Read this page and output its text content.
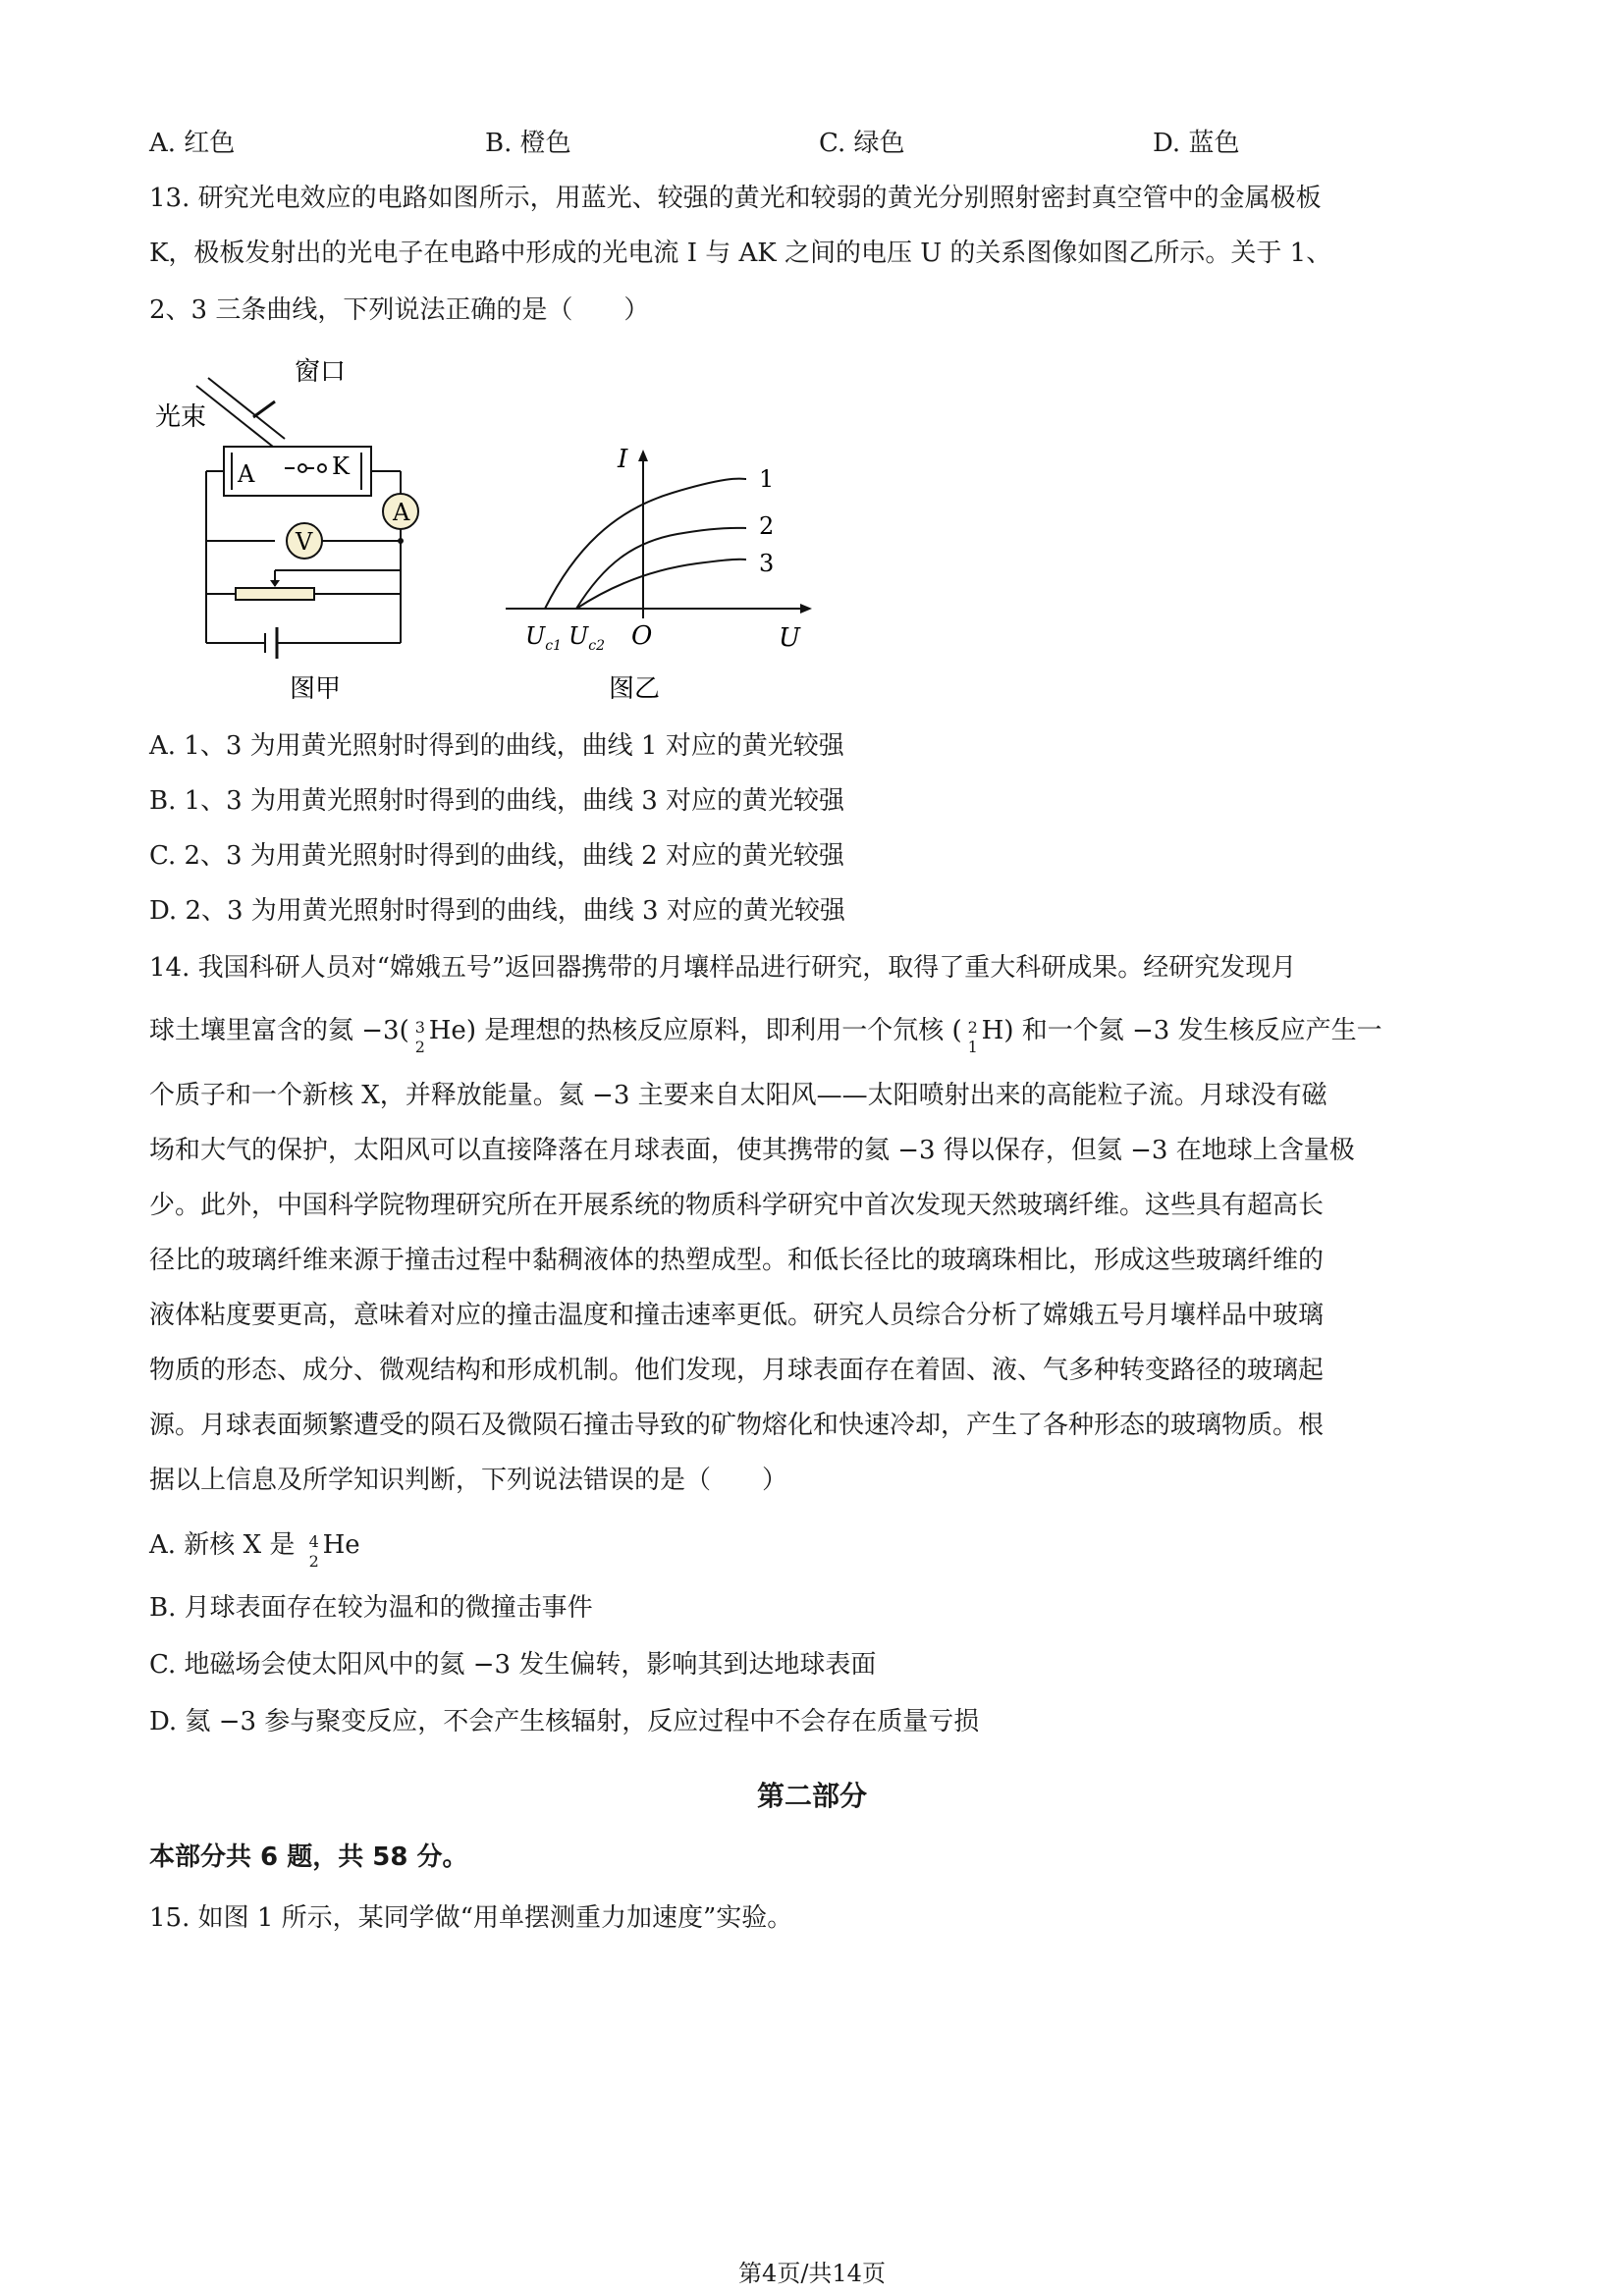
A. 红色	B. 橙色	C. 绿色	D. 蓝色
13. 研究光电效应的电路如图所示，用蓝光、较强的黄光和较弱的黄光分别照射密封真空管中的金属极板
K，极板发射出的光电子在电路中形成的光电流 I 与 AK 之间的电压 U 的关系图像如图乙所示。关于 1、
2、3 三条曲线，下列说法正确的是（　　）
窗口
光束
A	K
A
V
图甲
I
U
O
1
2
3
$U_{c1}$ $U_{c2}$
图乙
A. 1、3 为用黄光照射时得到的曲线，曲线 1 对应的黄光较强
B. 1、3 为用黄光照射时得到的曲线，曲线 3 对应的黄光较强
C. 2、3 为用黄光照射时得到的曲线，曲线 2 对应的黄光较强
D. 2、3 为用黄光照射时得到的曲线，曲线 3 对应的黄光较强
14. 我国科研人员对“嫦娥五号”返回器携带的月壤样品进行研究，取得了重大科研成果。经研究发现月
球土壤里富含的氦 −3( 3
2
He) 是理想的热核反应原料，即利用一个氘核 ( 2
1
H) 和一个氦 −3 发生核反应产生一
个质子和一个新核 X，并释放能量。氦 −3 主要来自太阳风——太阳喷射出来的高能粒子流。月球没有磁
场和大气的保护，太阳风可以直接降落在月球表面，使其携带的氦 −3 得以保存，但氦 −3 在地球上含量极
少。此外，中国科学院物理研究所在开展系统的物质科学研究中首次发现天然玻璃纤维。这些具有超高长
径比的玻璃纤维来源于撞击过程中黏稠液体的热塑成型。和低长径比的玻璃珠相比，形成这些玻璃纤维的
液体粘度要更高，意味着对应的撞击温度和撞击速率更低。研究人员综合分析了嫦娥五号月壤样品中玻璃
物质的形态、成分、微观结构和形成机制。他们发现，月球表面存在着固、液、气多种转变路径的玻璃起
源。月球表面频繁遭受的陨石及微陨石撞击导致的矿物熔化和快速冷却，产生了各种形态的玻璃物质。根
据以上信息及所学知识判断，下列说法错误的是（　　）
A. 新核 X 是 4
2
He
B. 月球表面存在较为温和的微撞击事件
C. 地磁场会使太阳风中的氦 −3 发生偏转，影响其到达地球表面
D. 氦 −3 参与聚变反应，不会产生核辐射，反应过程中不会存在质量亏损
第二部分
本部分共 6 题，共 58 分。
15. 如图 1 所示，某同学做“用单摆测重力加速度”实验。
第4页/共14页
